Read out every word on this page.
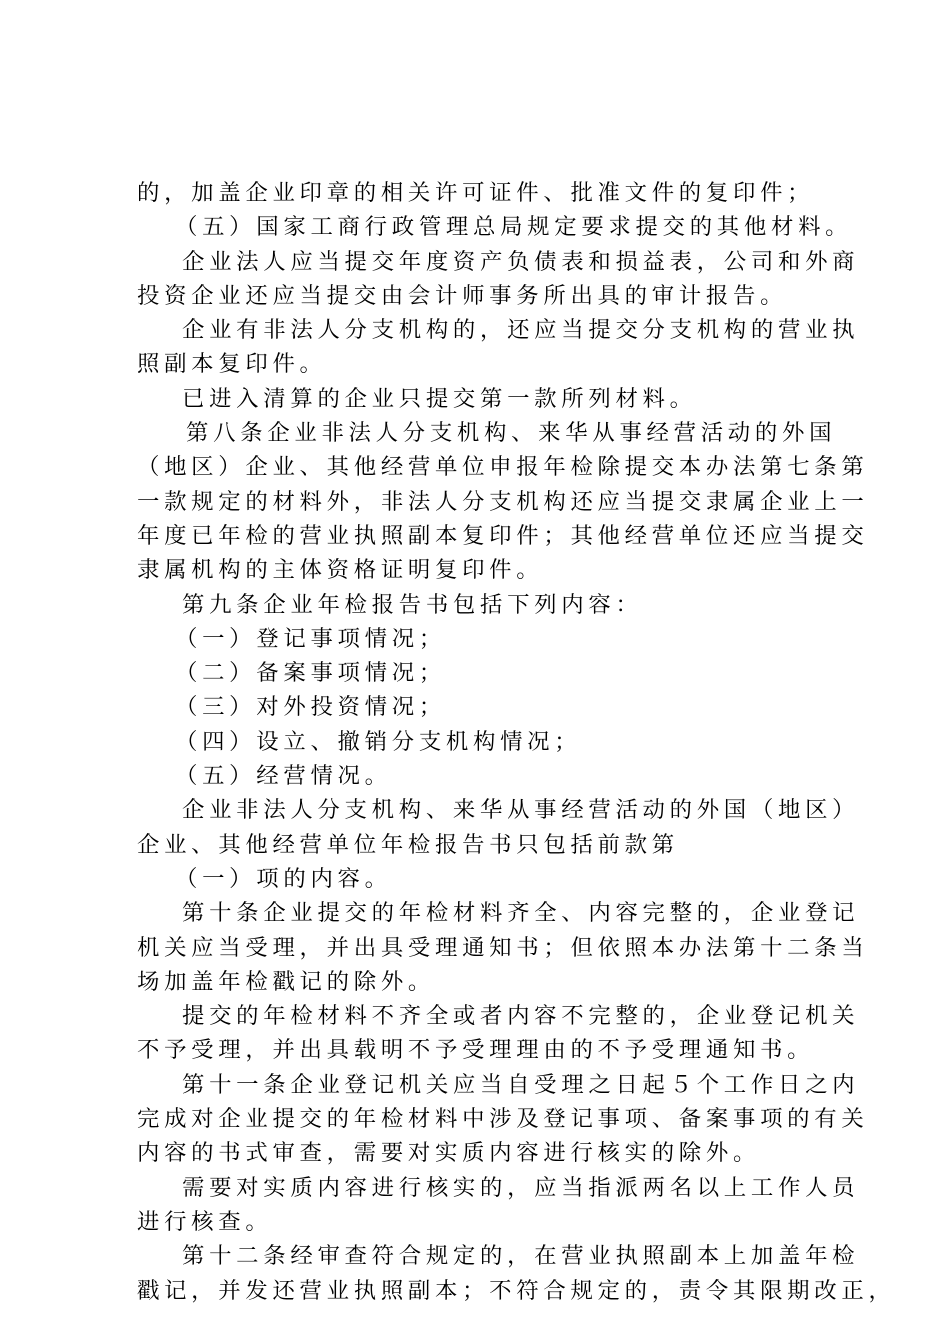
的，加盖企业印章的相关许可证件、批准文件的复印件；
（五）国家工商行政管理总局规定要求提交的其他材料。
企业法人应当提交年度资产负债表和损益表，公司和外商
投资企业还应当提交由会计师事务所出具的审计报告。
企业有非法人分支机构的，还应当提交分支机构的营业执
照副本复印件。
已进入清算的企业只提交第一款所列材料。
第八条企业非法人分支机构、来华从事经营活动的外国
（地区）企业、其他经营单位申报年检除提交本办法第七条第
一款规定的材料外，非法人分支机构还应当提交隶属企业上一
年度已年检的营业执照副本复印件；其他经营单位还应当提交
隶属机构的主体资格证明复印件。
第九条企业年检报告书包括下列内容：
（一）登记事项情况；
（二）备案事项情况；
（三）对外投资情况；
（四）设立、撤销分支机构情况；
（五）经营情况。
企业非法人分支机构、来华从事经营活动的外国（地区）
企业、其他经营单位年检报告书只包括前款第
（一）项的内容。
第十条企业提交的年检材料齐全、内容完整的，企业登记
机关应当受理，并出具受理通知书；但依照本办法第十二条当
场加盖年检戳记的除外。
提交的年检材料不齐全或者内容不完整的，企业登记机关
不予受理，并出具载明不予受理理由的不予受理通知书。
第十一条企业登记机关应当自受理之日起５个工作日之内
完成对企业提交的年检材料中涉及登记事项、备案事项的有关
内容的书式审查，需要对实质内容进行核实的除外。
需要对实质内容进行核实的，应当指派两名以上工作人员
进行核查。
第十二条经审查符合规定的，在营业执照副本上加盖年检
戳记，并发还营业执照副本；不符合规定的，责令其限期改正，
